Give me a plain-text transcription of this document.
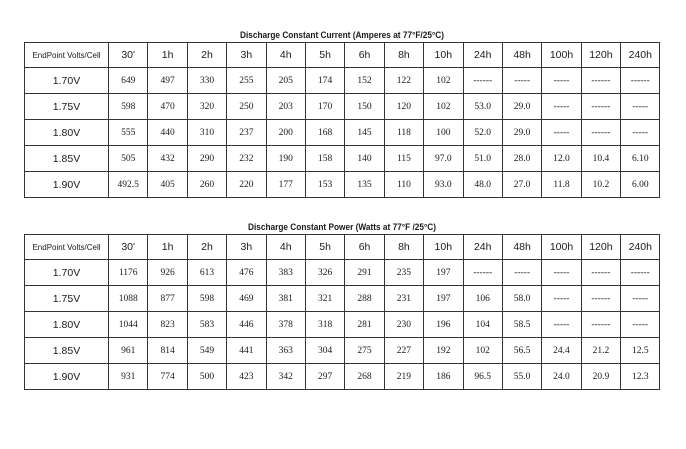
Discharge Constant Current (Amperes at 77°F/25°C)
EndPoint Volts/Cell	30'	1h	2h	3h	4h	5h	6h	8h	10h	24h	48h	100h	120h	240h
1.70V	649	497	330	255	205	174	152	122	102	------	-----	-----	------	------
1.75V	598	470	320	250	203	170	150	120	102	53.0	29.0	-----	------	-----
1.80V	555	440	310	237	200	168	145	118	100	52.0	29.0	-----	------	-----
1.85V	505	432	290	232	190	158	140	115	97.0	51.0	28.0	12.0	10.4	6.10
1.90V	492.5	405	260	220	177	153	135	110	93.0	48.0	27.0	11.8	10.2	6.00
Discharge Constant Power (Watts at 77°F /25°C)
EndPoint Volts/Cell	30'	1h	2h	3h	4h	5h	6h	8h	10h	24h	48h	100h	120h	240h
1.70V	1176	926	613	476	383	326	291	235	197	------	-----	-----	------	------
1.75V	1088	877	598	469	381	321	288	231	197	106	58.0	-----	------	-----
1.80V	1044	823	583	446	378	318	281	230	196	104	58.5	-----	------	-----
1.85V	961	814	549	441	363	304	275	227	192	102	56.5	24.4	21.2	12.5
1.90V	931	774	500	423	342	297	268	219	186	96.5	55.0	24.0	20.9	12.3
